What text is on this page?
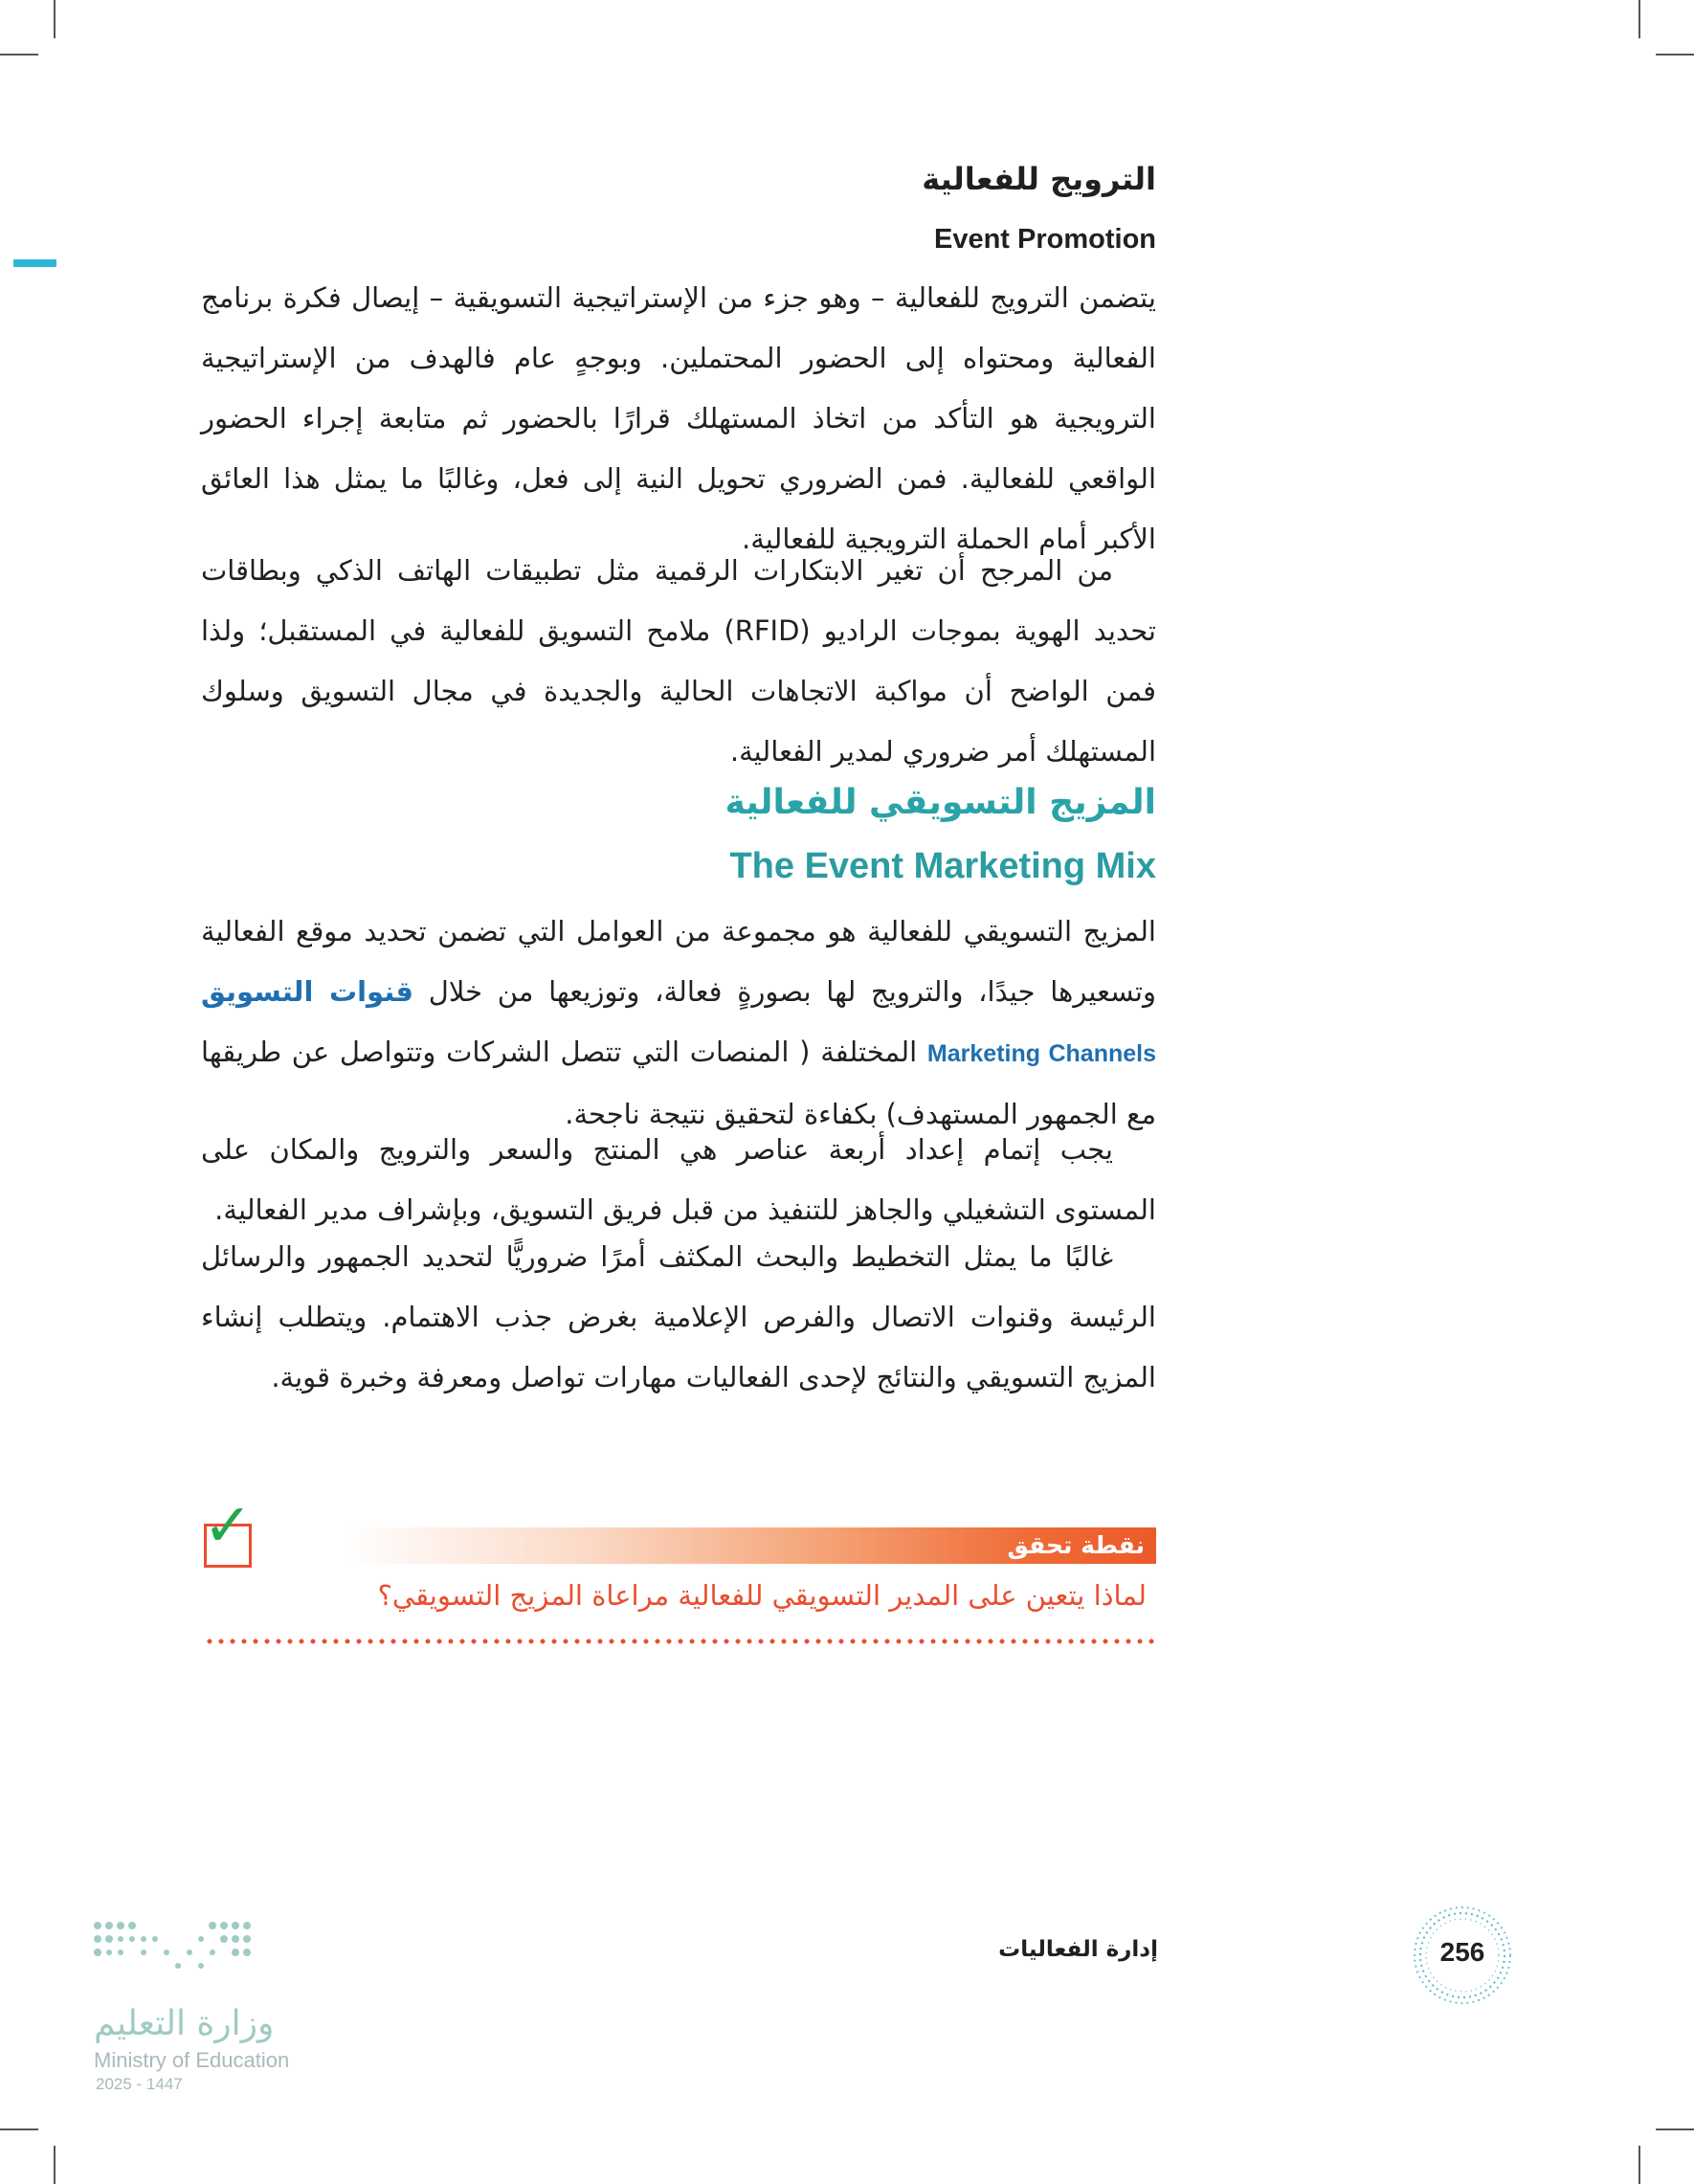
الترويج للفعالية
Event Promotion

يتضمن الترويج للفعالية – وهو جزء من الإستراتيجية التسويقية – إيصال فكرة برنامج الفعالية ومحتواه إلى الحضور المحتملين. وبوجهٍ عام فالهدف من الإستراتيجية الترويجية هو التأكد من اتخاذ المستهلك قرارًا بالحضور ثم متابعة إجراء الحضور الواقعي للفعالية. فمن الضروري تحويل النية إلى فعل، وغالبًا ما يمثل هذا العائق الأكبر أمام الحملة الترويجية للفعالية.

من المرجح أن تغير الابتكارات الرقمية مثل تطبيقات الهاتف الذكي وبطاقات تحديد الهوية بموجات الراديو (RFID) ملامح التسويق للفعالية في المستقبل؛ ولذا فمن الواضح أن مواكبة الاتجاهات الحالية والجديدة في مجال التسويق وسلوك المستهلك أمر ضروري لمدير الفعالية.

المزيج التسويقي للفعالية
The Event Marketing Mix

المزيج التسويقي للفعالية هو مجموعة من العوامل التي تضمن تحديد موقع الفعالية وتسعيرها جيدًا، والترويج لها بصورةٍ فعالة، وتوزيعها من خلال قنوات التسويق Marketing Channels المختلفة ( المنصات التي تتصل الشركات وتتواصل عن طريقها مع الجمهور المستهدف) بكفاءة لتحقيق نتيجة ناجحة.

يجب إتمام إعداد أربعة عناصر هي المنتج والسعر والترويج والمكان على المستوى التشغيلي والجاهز للتنفيذ من قبل فريق التسويق، وبإشراف مدير الفعالية.

غالبًا ما يمثل التخطيط والبحث المكثف أمرًا ضروريًّا لتحديد الجمهور والرسائل الرئيسة وقنوات الاتصال والفرص الإعلامية بغرض جذب الاهتمام. ويتطلب إنشاء المزيج التسويقي والنتائج لإحدى الفعاليات مهارات تواصل ومعرفة وخبرة قوية.

✓	نقطة تحقق
لماذا يتعين على المدير التسويقي للفعالية مراعاة المزيج التسويقي؟
إدارة الفعاليات	256
وزارة التعليم
Ministry of Education
2025 - 1447
